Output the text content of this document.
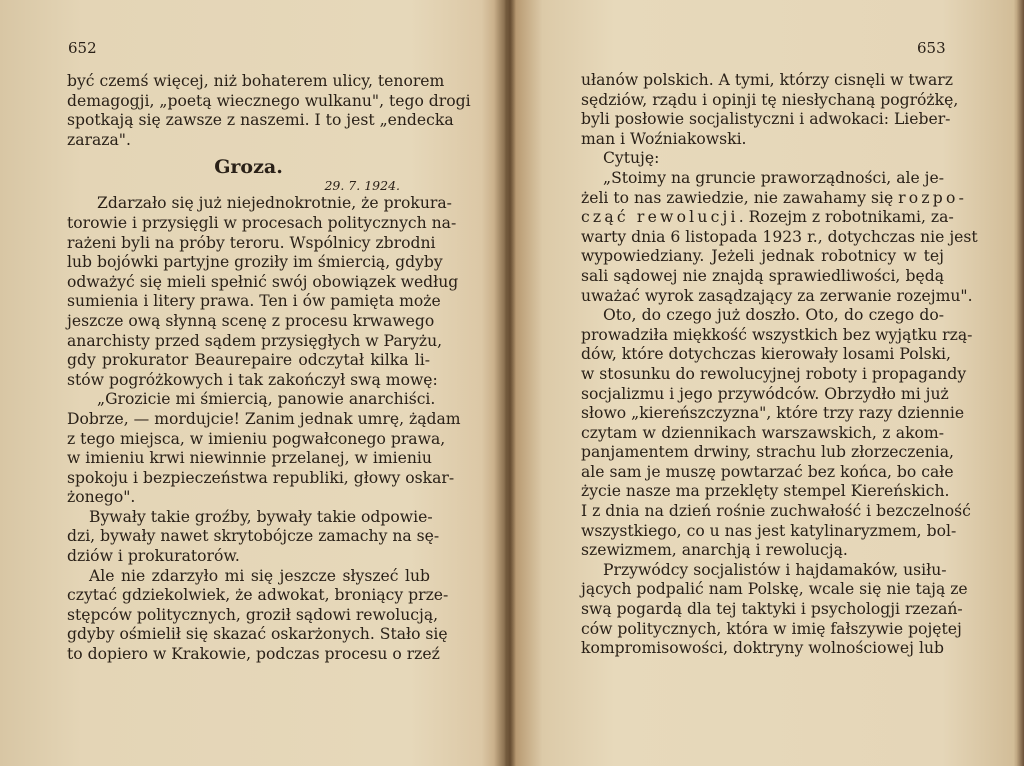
652
być czemś więcej, niż bohaterem ulicy, tenorem
demagogji, „poetą wiecznego wulkanu", tego drogi
spotkają się zawsze z naszemi. I to jest „endecka
zaraza".
Groza.
29. 7. 1924.
Zdarzało się już niejednokrotnie, że prokura-
torowie i przysięgli w procesach politycznych na-
rażeni byli na próby teroru. Wspólnicy zbrodni
lub bojówki partyjne groziły im śmiercią, gdyby
odważyć się mieli spełnić swój obowiązek według
sumienia i litery prawa. Ten i ów pamięta może
jeszcze ową słynną scenę z procesu krwawego
anarchisty przed sądem przysięgłych w Paryżu,
gdy prokurator Beaurepaire odczytał kilka li-
stów pogróżkowych i tak zakończył swą mowę:
„Grozicie mi śmiercią, panowie anarchiści.
Dobrze, — mordujcie! Zanim jednak umrę, żądam
z tego miejsca, w imieniu pogwałconego prawa,
w imieniu krwi niewinnie przelanej, w imieniu
spokoju i bezpieczeństwa republiki, głowy oskar-
żonego".
Bywały takie groźby, bywały takie odpowie-
dzi, bywały nawet skrytobójcze zamachy na sę-
dziów i prokuratorów.
Ale nie zdarzyło mi się jeszcze słyszeć lub
czytać gdziekolwiek, że adwokat, broniący prze-
stępców politycznych, groził sądowi rewolucją,
gdyby ośmielił się skazać oskarżonych. Stało się
to dopiero w Krakowie, podczas procesu o rzeź
653
ułanów polskich. A tymi, którzy cisnęli w twarz
sędziów, rządu i opinji tę niesłychaną pogróżkę,
byli posłowie socjalistyczni i adwokaci: Lieber-
man i Woźniakowski.
Cytuję:
„Stoimy na gruncie praworządności, ale je-
żeli to nas zawiedzie, nie zawahamy się rozpo-
cząć rewolucji. Rozejm z robotnikami, za-
warty dnia 6 listopada 1923 r., dotychczas nie jest
wypowiedziany. Jeżeli jednak robotnicy w tej
sali sądowej nie znajdą sprawiedliwości, będą
uważać wyrok zasądzający za zerwanie rozejmu".
Oto, do czego już doszło. Oto, do czego do-
prowadziła miękkość wszystkich bez wyjątku rzą-
dów, które dotychczas kierowały losami Polski,
w stosunku do rewolucyjnej roboty i propagandy
socjalizmu i jego przywódców. Obrzydło mi już
słowo „kiereńszczyzna", które trzy razy dziennie
czytam w dziennikach warszawskich, z akom-
panjamentem drwiny, strachu lub złorzeczenia,
ale sam je muszę powtarzać bez końca, bo całe
życie nasze ma przeklęty stempel Kiereńskich.
I z dnia na dzień rośnie zuchwałość i bezczelność
wszystkiego, co u nas jest katylinaryzmem, bol-
szewizmem, anarchją i rewolucją.
Przywódcy socjalistów i hajdamaków, usiłu-
jących podpalić nam Polskę, wcale się nie tają ze
swą pogardą dla tej taktyki i psychologji rzezań-
ców politycznych, która w imię fałszywie pojętej
kompromisowości, doktryny wolnościowej lub
